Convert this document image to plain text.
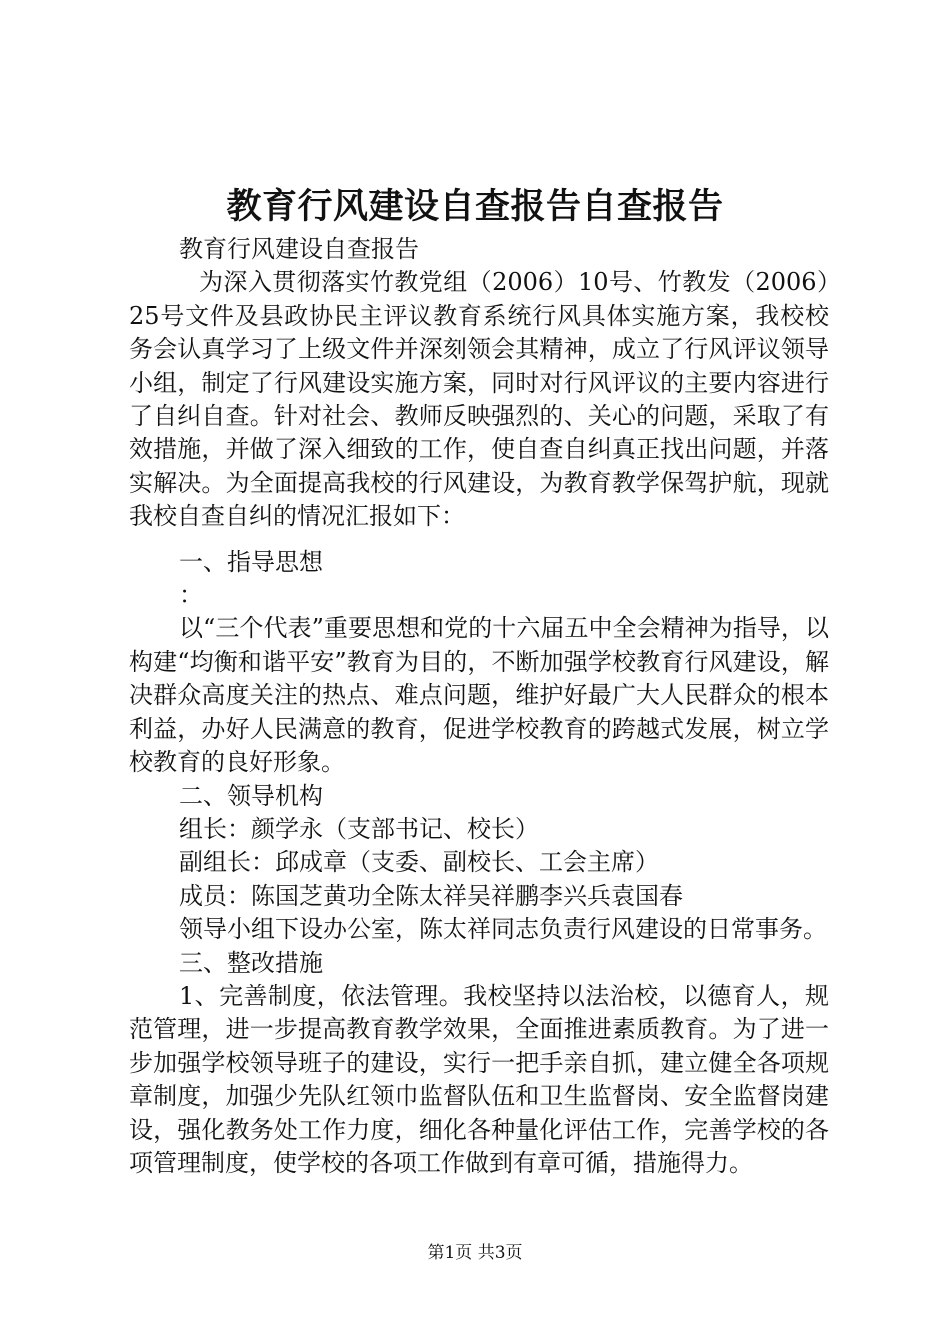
教育行风建设自查报告自查报告

教育行风建设自查报告

为深入贯彻落实竹教党组（2006）10号、竹教发（2006）25号文件及县政协民主评议教育系统行风具体实施方案，我校校务会认真学习了上级文件并深刻领会其精神，成立了行风评议领导小组，制定了行风建设实施方案，同时对行风评议的主要内容进行了自纠自查。针对社会、教师反映强烈的、关心的问题，采取了有效措施，并做了深入细致的工作，使自查自纠真正找出问题，并落实解决。为全面提高我校的行风建设，为教育教学保驾护航，现就我校自查自纠的情况汇报如下：

一、指导思想

：

以“三个代表”重要思想和党的十六届五中全会精神为指导，以构建“均衡和谐平安”教育为目的，不断加强学校教育行风建设，解决群众高度关注的热点、难点问题，维护好最广大人民群众的根本利益，办好人民满意的教育，促进学校教育的跨越式发展，树立学校教育的良好形象。

二、领导机构

组长：颜学永（支部书记、校长）

副组长：邱成章（支委、副校长、工会主席）

成员：陈国芝黄功全陈太祥吴祥鹏李兴兵袁国春

领导小组下设办公室，陈太祥同志负责行风建设的日常事务。

三、整改措施

1、完善制度，依法管理。我校坚持以法治校，以德育人，规范管理，进一步提高教育教学效果，全面推进素质教育。为了进一步加强学校领导班子的建设，实行一把手亲自抓，建立健全各项规章制度，加强少先队红领巾监督队伍和卫生监督岗、安全监督岗建设，强化教务处工作力度，细化各种量化评估工作，完善学校的各项管理制度，使学校的各项工作做到有章可循，措施得力。

第1页 共3页
